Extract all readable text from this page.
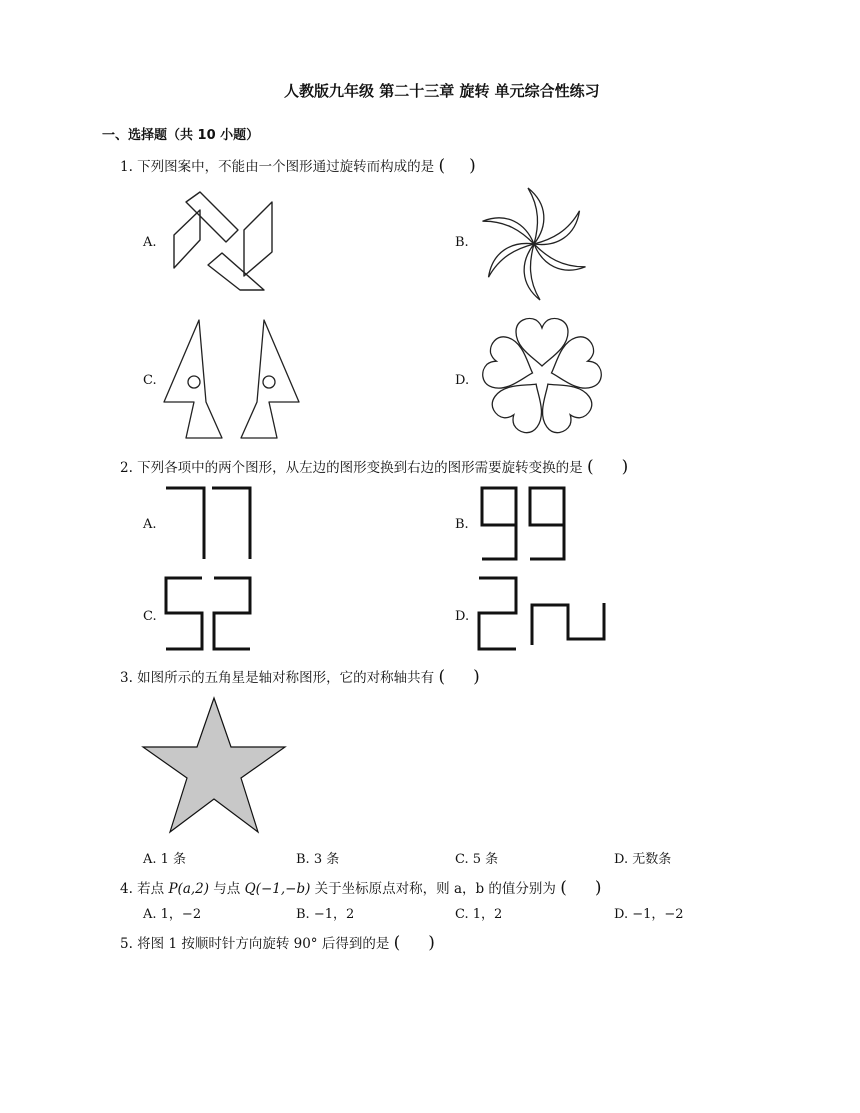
人教版九年级 第二十三章 旋转 单元综合性练习
一、选择题（共 10 小题）
1. 下列图案中，不能由一个图形通过旋转而构成的是 ( )
A.	B.
C.	D.
2. 下列各项中的两个图形，从左边的图形变换到右边的图形需要旋转变换的是 ( )
A.	B.
C.	D.
3. 如图所示的五角星是轴对称图形，它的对称轴共有 ( )
A. 1 条	B. 3 条	C. 5 条	D. 无数条
4. 若点 P(a,2) 与点 Q(−1,−b) 关于坐标原点对称，则 a，b 的值分别为 ( )
A. 1，−2	B. −1，2	C. 1，2	D. −1，−2
5. 将图 1 按顺时针方向旋转 90° 后得到的是 ( )
